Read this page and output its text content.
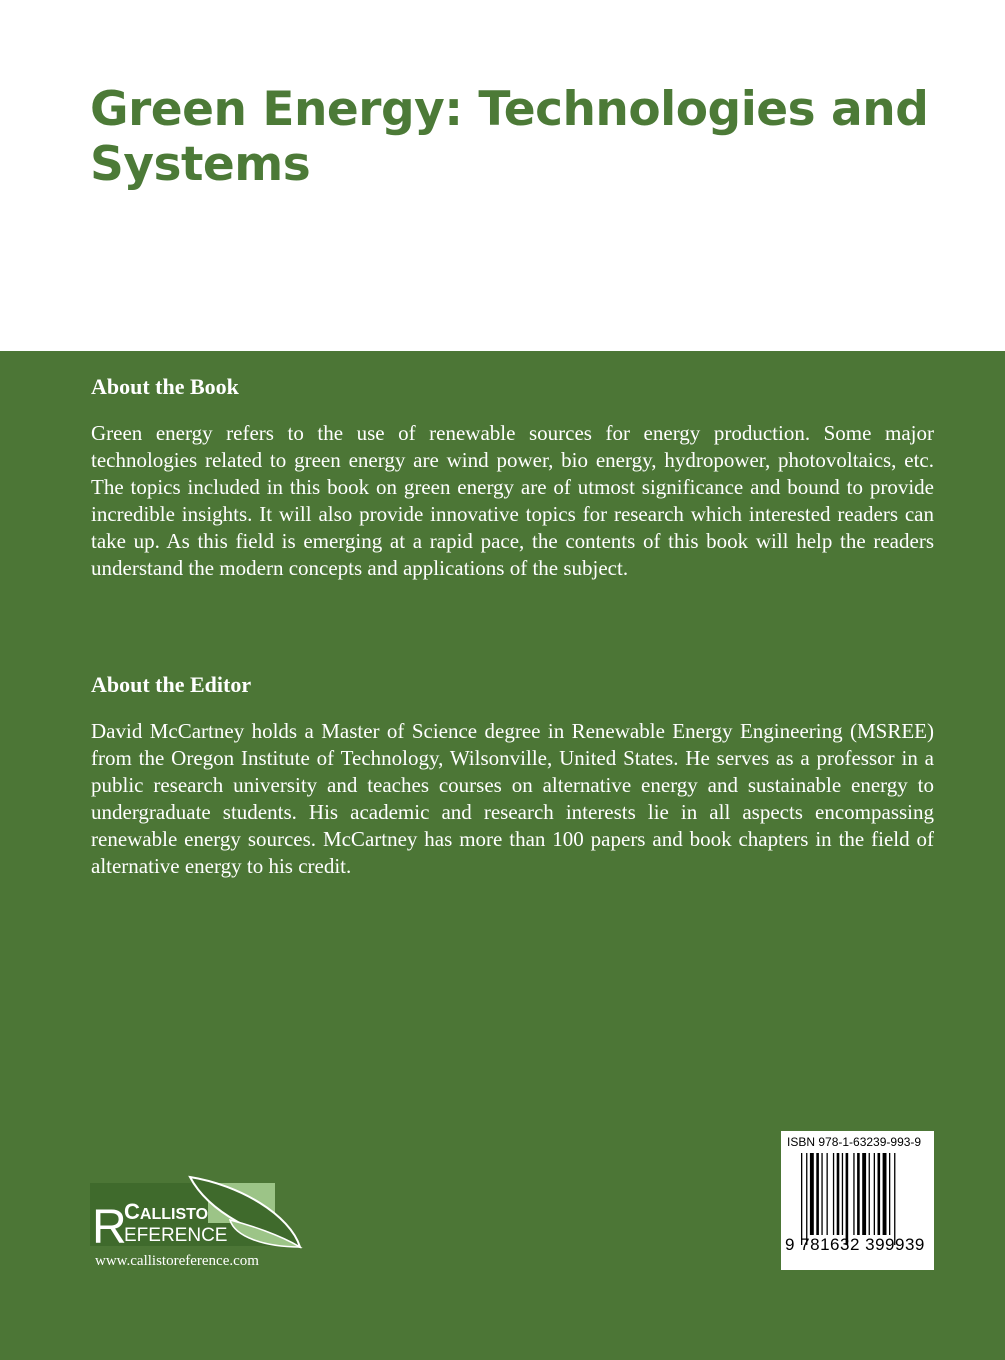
Green Energy: Technologies and Systems
About the Book

Green energy refers to the use of renewable sources for energy production. Some major technologies related to green energy are wind power, bio energy, hydropower, photovoltaics, etc. The topics included in this book on green energy are of utmost significance and bound to provide incredible insights. It will also provide innovative topics for research which interested readers can take up. As this field is emerging at a rapid pace, the contents of this book will help the readers understand the modern concepts and applications of the subject.

About the Editor

David McCartney holds a Master of Science degree in Renewable Energy Engineering (MSREE) from the Oregon Institute of Technology, Wilsonville, United States. He serves as a professor in a public research university and teaches courses on alternative energy and sustainable energy to undergraduate students. His academic and research interests lie in all aspects encompassing renewable energy sources. McCartney has more than 100 papers and book chapters in the field of alternative energy to his credit.

R
CALLISTO
EFERENCE
www.callistoreference.com
ISBN 978-1-63239-993-9
9 781632 399939
